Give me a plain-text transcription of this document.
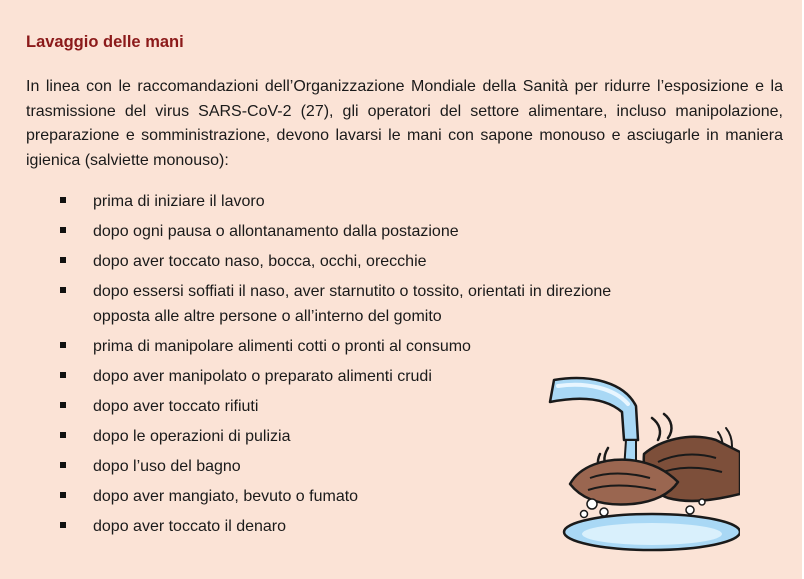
Lavaggio delle mani

In linea con le raccomandazioni dell’Organizzazione Mondiale della Sanità per ridurre l’esposizione e la trasmissione del virus SARS-CoV-2 (27), gli operatori del settore alimentare, incluso manipolazione, preparazione e somministrazione, devono lavarsi le mani con sapone monouso e asciugarle in maniera igienica (salviette monouso):

prima di iniziare il lavoro
dopo ogni pausa o allontanamento dalla postazione
dopo aver toccato naso, bocca, occhi, orecchie
dopo essersi soffiati il naso, aver starnutito o tossito, orientati in direzione
opposta alle altre persone o all’interno del gomito
prima di manipolare alimenti cotti o pronti al consumo
dopo aver manipolato o preparato alimenti crudi
dopo aver toccato rifiuti
dopo le operazioni di pulizia
dopo l’uso del bagno
dopo aver mangiato, bevuto o fumato
dopo aver toccato il denaro
